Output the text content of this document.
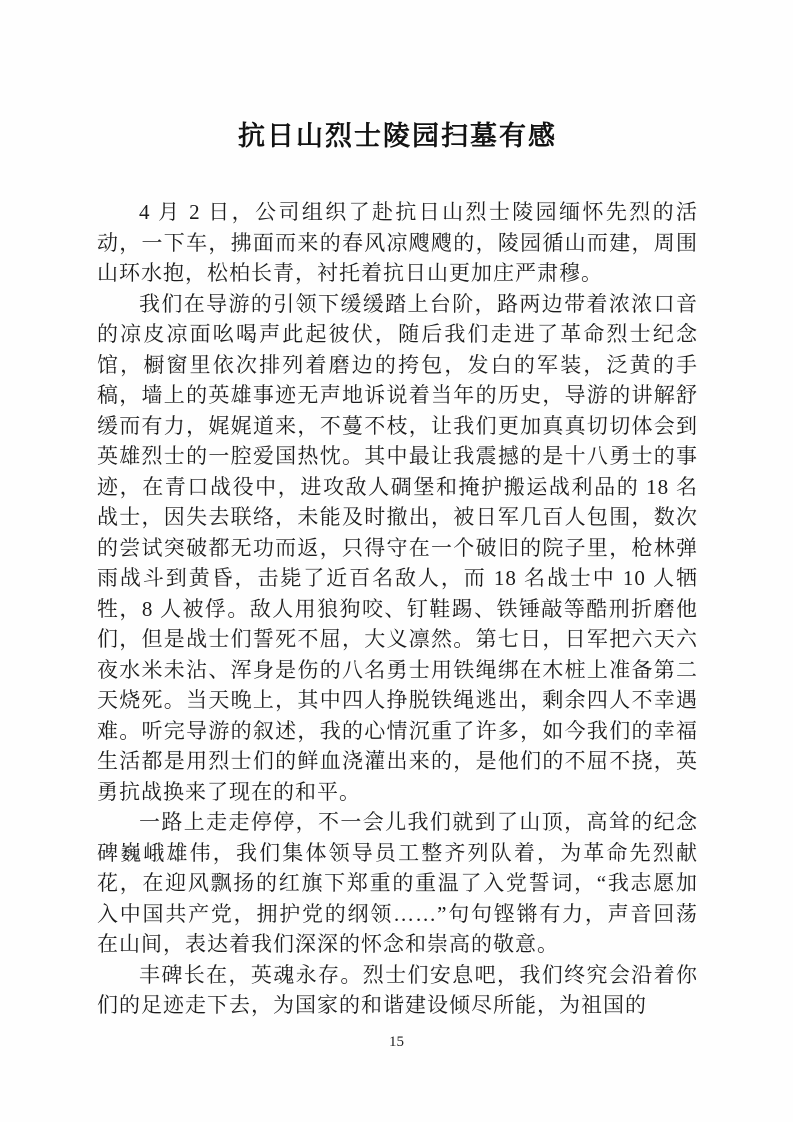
抗日山烈士陵园扫墓有感

4 月 2 日，公司组织了赴抗日山烈士陵园缅怀先烈的活动，一下车，拂面而来的春风凉飕飕的，陵园循山而建，周围山环水抱，松柏长青，衬托着抗日山更加庄严肃穆。

我们在导游的引领下缓缓踏上台阶，路两边带着浓浓口音的凉皮凉面吆喝声此起彼伏，随后我们走进了革命烈士纪念馆，橱窗里依次排列着磨边的挎包，发白的军装，泛黄的手稿，墙上的英雄事迹无声地诉说着当年的历史，导游的讲解舒缓而有力，娓娓道来，不蔓不枝，让我们更加真真切切体会到英雄烈士的一腔爱国热忱。其中最让我震撼的是十八勇士的事迹，在青口战役中，进攻敌人碉堡和掩护搬运战利品的 18 名战士，因失去联络，未能及时撤出，被日军几百人包围，数次的尝试突破都无功而返，只得守在一个破旧的院子里，枪林弹雨战斗到黄昏，击毙了近百名敌人，而 18 名战士中 10 人牺牲，8 人被俘。敌人用狼狗咬、钉鞋踢、铁锤敲等酷刑折磨他们，但是战士们誓死不屈，大义凛然。第七日，日军把六天六夜水米未沾、浑身是伤的八名勇士用铁绳绑在木桩上准备第二天烧死。当天晚上，其中四人挣脱铁绳逃出，剩余四人不幸遇难。听完导游的叙述，我的心情沉重了许多，如今我们的幸福生活都是用烈士们的鲜血浇灌出来的，是他们的不屈不挠，英勇抗战换来了现在的和平。

一路上走走停停，不一会儿我们就到了山顶，高耸的纪念碑巍峨雄伟，我们集体领导员工整齐列队着，为革命先烈献花，在迎风飘扬的红旗下郑重的重温了入党誓词，“我志愿加入中国共产党，拥护党的纲领……”句句铿锵有力，声音回荡在山间，表达着我们深深的怀念和崇高的敬意。

丰碑长在，英魂永存。烈士们安息吧，我们终究会沿着你们的足迹走下去，为国家的和谐建设倾尽所能，为祖国的

15
